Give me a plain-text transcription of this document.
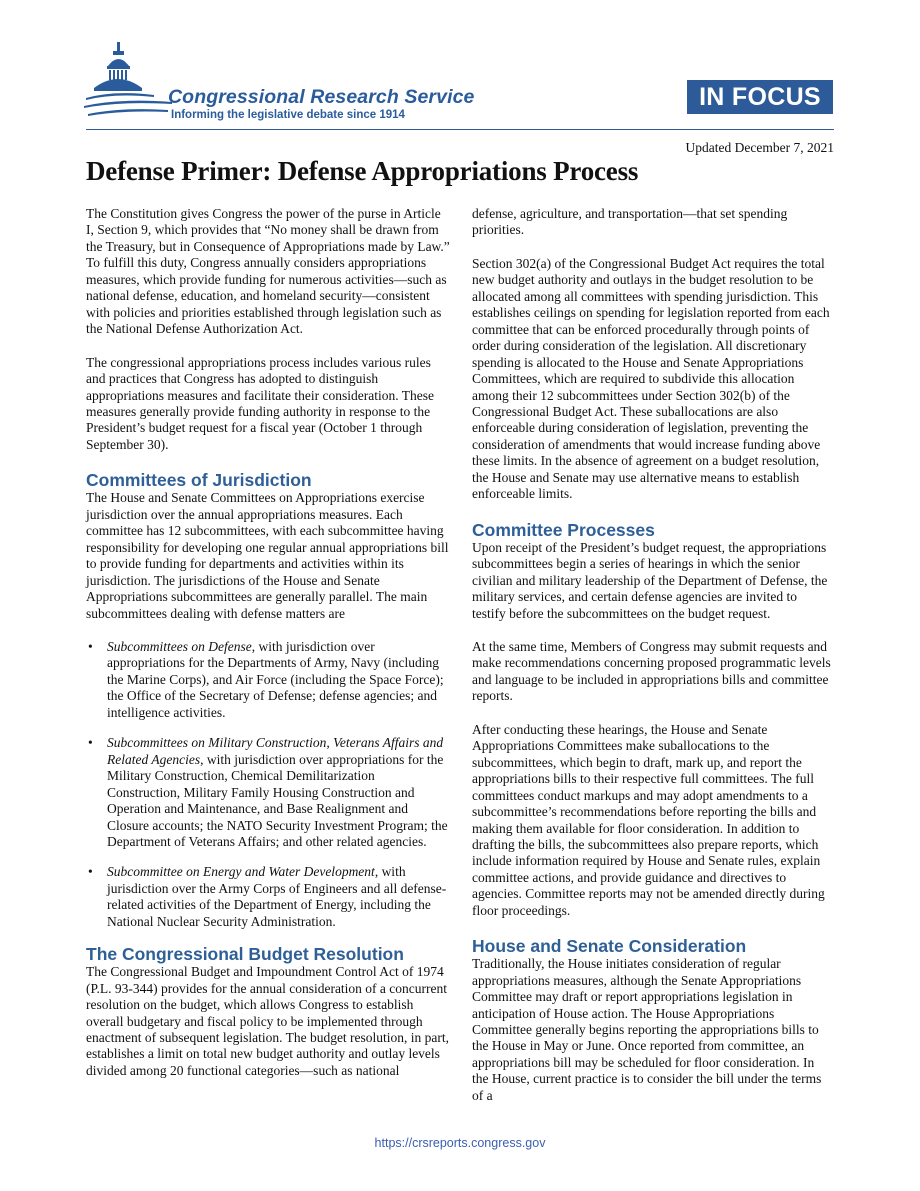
Congressional Research Service
Informing the legislative debate since 1914
IN FOCUS
Updated December 7, 2021
Defense Primer: Defense Appropriations Process

The Constitution gives Congress the power of the purse in Article I, Section 9, which provides that “No money shall be drawn from the Treasury, but in Consequence of Appropriations made by Law.” To fulfill this duty, Congress annually considers appropriations measures, which provide funding for numerous activities—such as national defense, education, and homeland security—consistent with policies and priorities established through legislation such as the National Defense Authorization Act.

The congressional appropriations process includes various rules and practices that Congress has adopted to distinguish appropriations measures and facilitate their consideration. These measures generally provide funding authority in response to the President’s budget request for a fiscal year (October 1 through September 30).

Committees of Jurisdiction

The House and Senate Committees on Appropriations exercise jurisdiction over the annual appropriations measures. Each committee has 12 subcommittees, with each subcommittee having responsibility for developing one regular annual appropriations bill to provide funding for departments and activities within its jurisdiction. The jurisdictions of the House and Senate Appropriations subcommittees are generally parallel. The main subcommittees dealing with defense matters are

• Subcommittees on Defense, with jurisdiction over appropriations for the Departments of Army, Navy (including the Marine Corps), and Air Force (including the Space Force); the Office of the Secretary of Defense; defense agencies; and intelligence activities.
• Subcommittees on Military Construction, Veterans Affairs and Related Agencies, with jurisdiction over appropriations for the Military Construction, Chemical Demilitarization Construction, Military Family Housing Construction and Operation and Maintenance, and Base Realignment and Closure accounts; the NATO Security Investment Program; the Department of Veterans Affairs; and other related agencies.
• Subcommittee on Energy and Water Development, with jurisdiction over the Army Corps of Engineers and all defense-related activities of the Department of Energy, including the National Nuclear Security Administration.
The Congressional Budget Resolution

The Congressional Budget and Impoundment Control Act of 1974 (P.L. 93-344) provides for the annual consideration of a concurrent resolution on the budget, which allows Congress to establish overall budgetary and fiscal policy to be implemented through enactment of subsequent legislation. The budget resolution, in part, establishes a limit on total new budget authority and outlay levels divided among 20 functional categories—such as national

defense, agriculture, and transportation—that set spending priorities.

Section 302(a) of the Congressional Budget Act requires the total new budget authority and outlays in the budget resolution to be allocated among all committees with spending jurisdiction. This establishes ceilings on spending for legislation reported from each committee that can be enforced procedurally through points of order during consideration of the legislation. All discretionary spending is allocated to the House and Senate Appropriations Committees, which are required to subdivide this allocation among their 12 subcommittees under Section 302(b) of the Congressional Budget Act. These suballocations are also enforceable during consideration of legislation, preventing the consideration of amendments that would increase funding above these limits. In the absence of agreement on a budget resolution, the House and Senate may use alternative means to establish enforceable limits.

Committee Processes

Upon receipt of the President’s budget request, the appropriations subcommittees begin a series of hearings in which the senior civilian and military leadership of the Department of Defense, the military services, and certain defense agencies are invited to testify before the subcommittees on the budget request.

At the same time, Members of Congress may submit requests and make recommendations concerning proposed programmatic levels and language to be included in appropriations bills and committee reports.

After conducting these hearings, the House and Senate Appropriations Committees make suballocations to the subcommittees, which begin to draft, mark up, and report the appropriations bills to their respective full committees. The full committees conduct markups and may adopt amendments to a subcommittee’s recommendations before reporting the bills and making them available for floor consideration. In addition to drafting the bills, the subcommittees also prepare reports, which include information required by House and Senate rules, explain committee actions, and provide guidance and directives to agencies. Committee reports may not be amended directly during floor proceedings.

House and Senate Consideration

Traditionally, the House initiates consideration of regular appropriations measures, although the Senate Appropriations Committee may draft or report appropriations legislation in anticipation of House action. The House Appropriations Committee generally begins reporting the appropriations bills to the House in May or June. Once reported from committee, an appropriations bill may be scheduled for floor consideration. In the House, current practice is to consider the bill under the terms of a

https://crsreports.congress.gov
